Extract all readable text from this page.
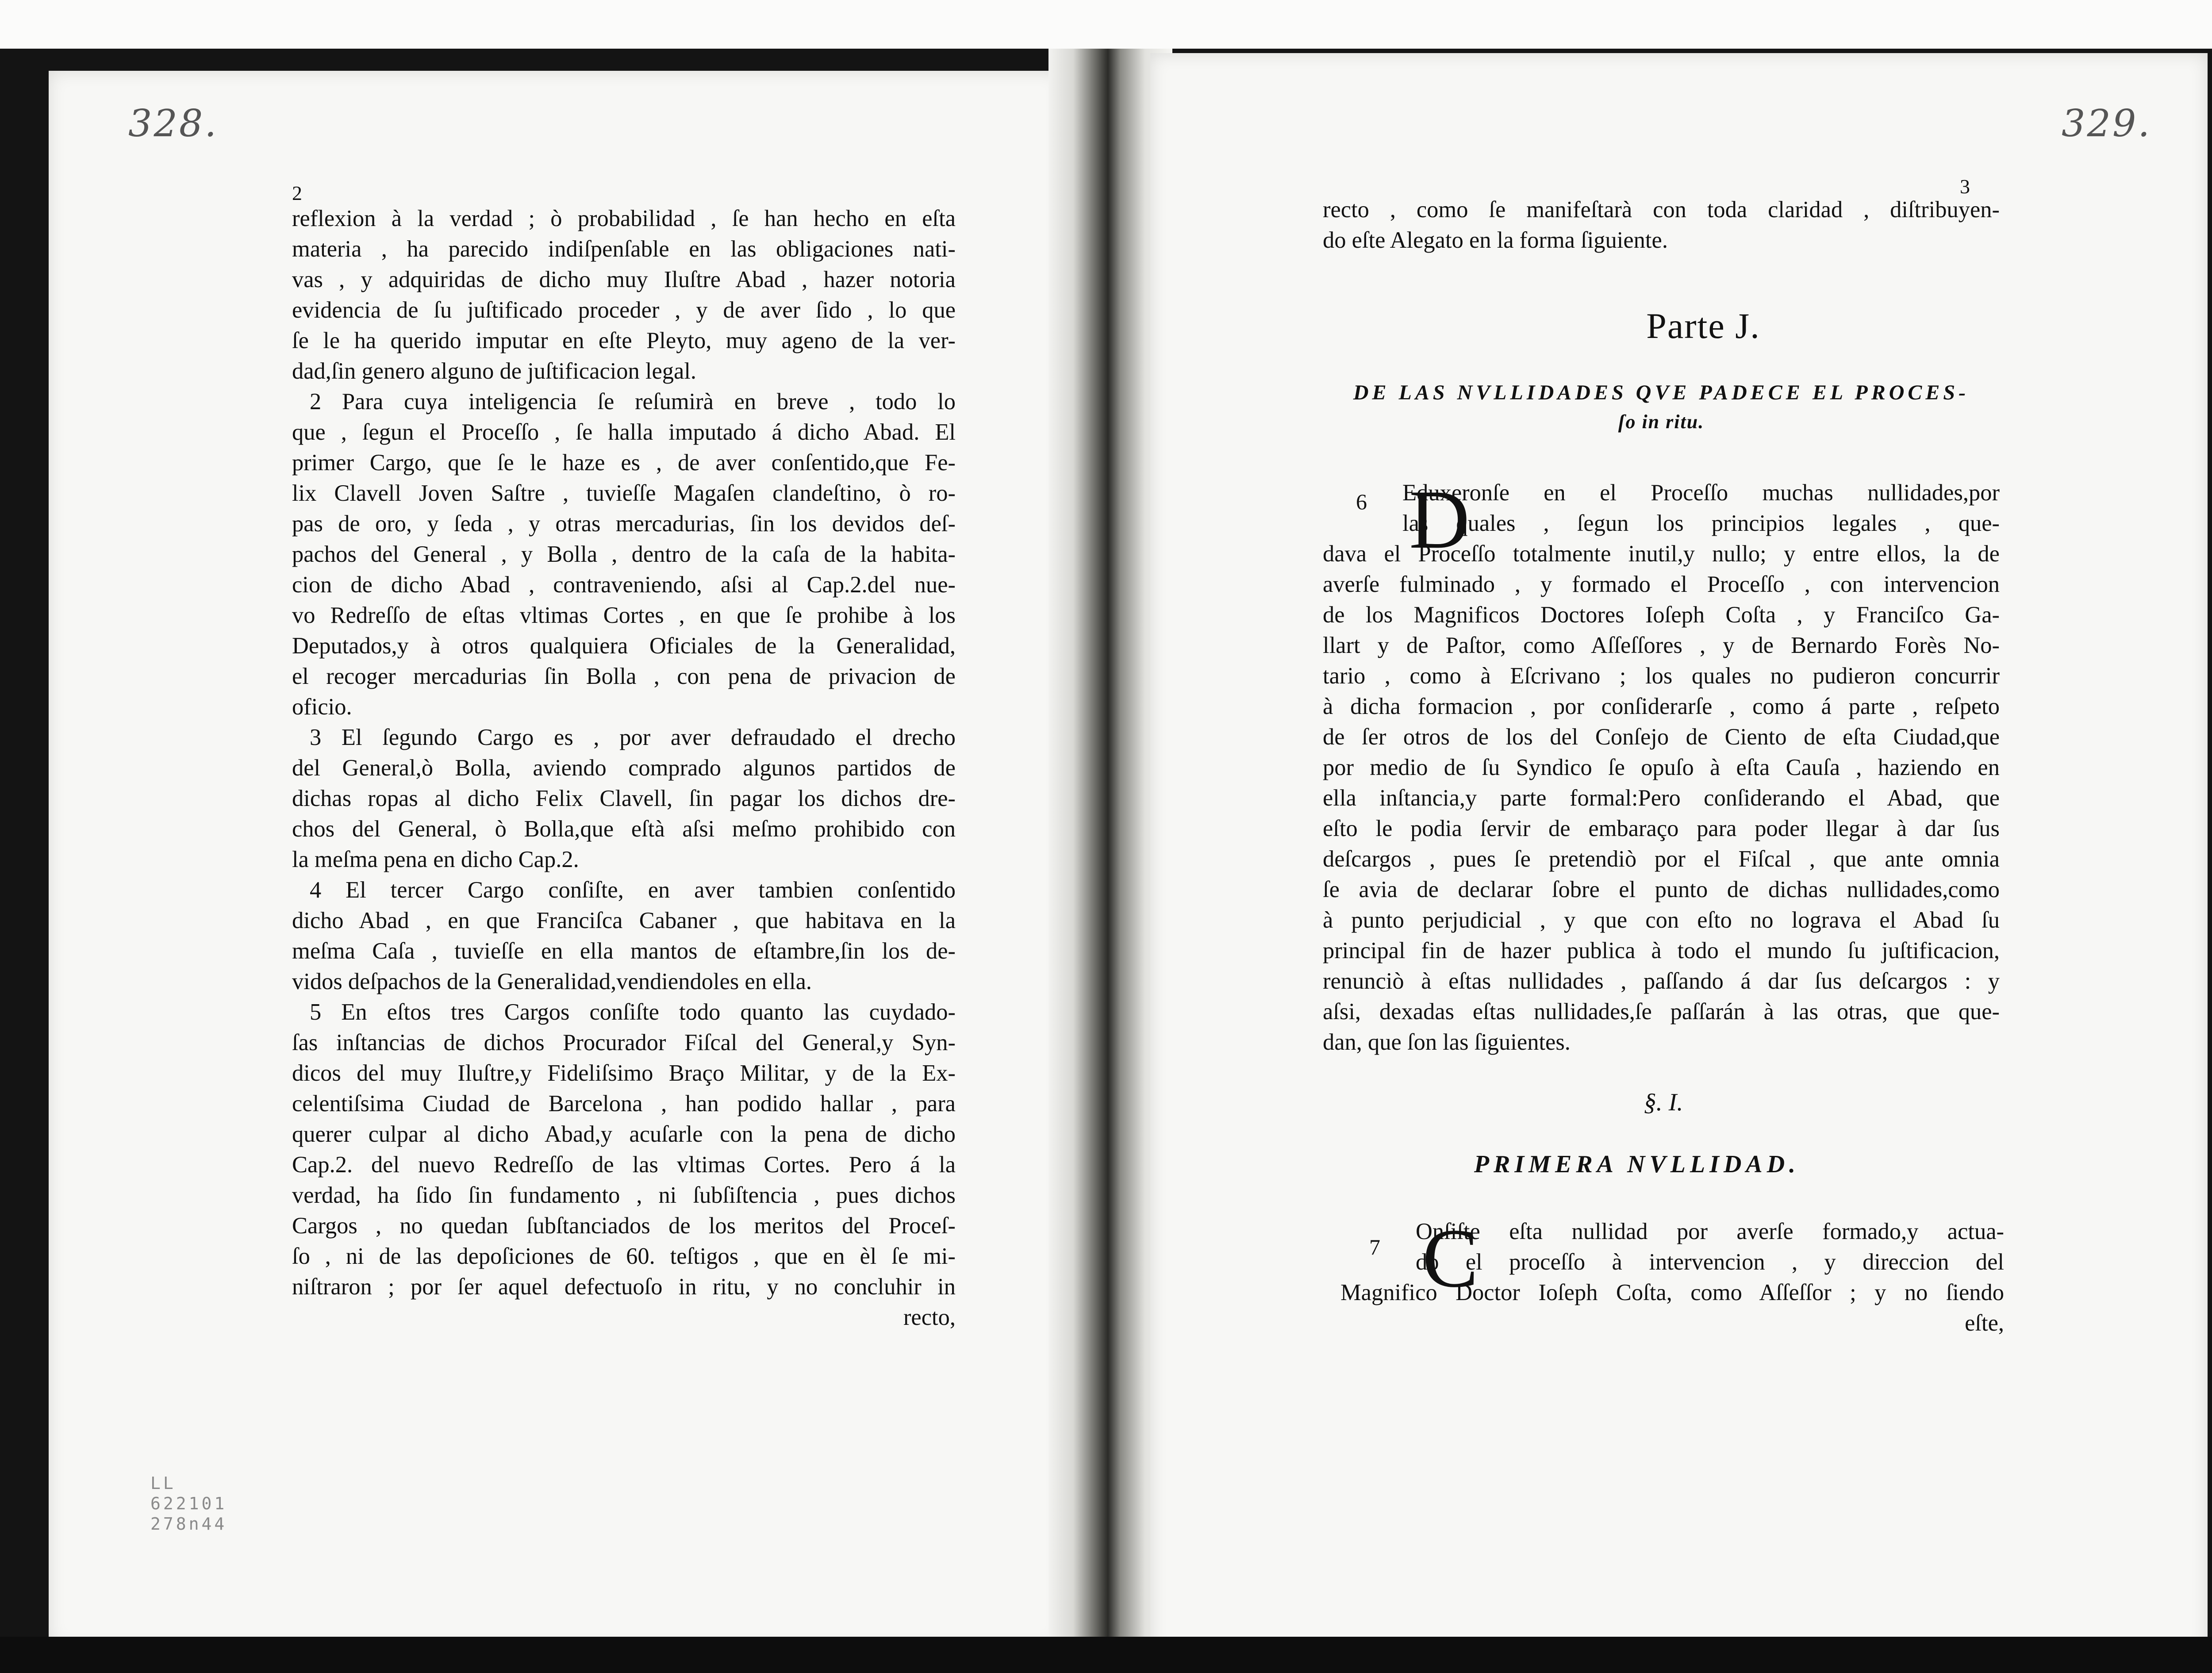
328.
2
reflexion à la verdad ; ò probabilidad , ſe han hecho en eſta
materia , ha parecido indiſpenſable en las obligaciones nati-
vas , y adquiridas de dicho muy Iluſtre Abad , hazer notoria
evidencia de ſu juſtificado proceder , y de aver ſido , lo que
ſe le ha querido imputar en eſte Pleyto, muy ageno de la ver-
dad,ſin genero alguno de juſtificacion legal.
2 Para cuya inteligencia ſe reſumirà en breve , todo lo
que , ſegun el Proceſſo , ſe halla imputado á dicho Abad. El
primer Cargo, que ſe le haze es , de aver conſentido,que Fe-
lix Clavell Joven Saſtre , tuvieſſe Magaſen clandeſtino, ò ro-
pas de oro, y ſeda , y otras mercadurias, ſin los devidos deſ-
pachos del General , y Bolla , dentro de la caſa de la habita-
cion de dicho Abad , contraveniendo, aſsi al Cap.2.del nue-
vo Redreſſo de eſtas vltimas Cortes , en que ſe prohibe à los
Deputados,y à otros qualquiera Oficiales de la Generalidad,
el recoger mercadurias ſin Bolla , con pena de privacion de
oficio.
3 El ſegundo Cargo es , por aver defraudado el drecho
del General,ò Bolla, aviendo comprado algunos partidos de
dichas ropas al dicho Felix Clavell, ſin pagar los dichos dre-
chos del General, ò Bolla,que eſtà aſsi meſmo prohibido con
la meſma pena en dicho Cap.2.
4 El tercer Cargo conſiſte, en aver tambien conſentido
dicho Abad , en que Franciſca Cabaner , que habitava en la
meſma Caſa , tuvieſſe en ella mantos de eſtambre,ſin los de-
vidos deſpachos de la Generalidad,vendiendoles en ella.
5 En eſtos tres Cargos conſiſte todo quanto las cuydado-
ſas inſtancias de dichos Procurador Fiſcal del General,y Syn-
dicos del muy Iluſtre,y Fideliſsimo Braço Militar, y de la Ex-
celentiſsima Ciudad de Barcelona , han podido hallar , para
querer culpar al dicho Abad,y acuſarle con la pena de dicho
Cap.2. del nuevo Redreſſo de las vltimas Cortes. Pero á la
verdad, ha ſido ſin fundamento , ni ſubſiſtencia , pues dichos
Cargos , no quedan ſubſtanciados de los meritos del Proceſ-
ſo , ni de las depoſiciones de 60. teſtigos , que en èl ſe mi-
niſtraron ; por ſer aquel defectuoſo in ritu, y no concluhir in
recto,
LL
622101
278n44
329.
3
recto , como ſe manifeſtarà con toda claridad , diſtribuyen-
do eſte Alegato en la forma ſiguiente.
Parte J.
DE LAS NVLLIDADES QVE PADECE EL PROCES-
ſo in ritu.
6 D
Eduxeronſe en el Proceſſo muchas nullidades,por
las quales , ſegun los principios legales , que-
dava el Proceſſo totalmente inutil,y nullo; y entre ellos, la de
averſe fulminado , y formado el Proceſſo , con intervencion
de los Magnificos Doctores Ioſeph Coſta , y Franciſco Ga-
llart y de Paſtor, como Aſſeſſores , y de Bernardo Forès No-
tario , como à Eſcrivano ; los quales no pudieron concurrir
à dicha formacion , por conſiderarſe , como á parte , reſpeto
de ſer otros de los del Conſejo de Ciento de eſta Ciudad,que
por medio de ſu Syndico ſe opuſo à eſta Cauſa , haziendo en
ella inſtancia,y parte formal:Pero conſiderando el Abad, que
eſto le podia ſervir de embaraço para poder llegar à dar ſus
deſcargos , pues ſe pretendiò por el Fiſcal , que ante omnia
ſe avia de declarar ſobre el punto de dichas nullidades,como
à punto perjudicial , y que con eſto no lograva el Abad ſu
principal fin de hazer publica à todo el mundo ſu juſtificacion,
renunciò à eſtas nullidades , paſſando á dar ſus deſcargos : y
aſsi, dexadas eſtas nullidades,ſe paſſarán à las otras, que que-
dan, que ſon las ſiguientes.
§. I.
PRIMERA NVLLIDAD.
7 C
Onſiſte eſta nullidad por averſe formado,y actua-
do el proceſſo à intervencion , y direccion del
Magnifico Doctor Ioſeph Coſta, como Aſſeſſor ; y no ſiendo
eſte,
